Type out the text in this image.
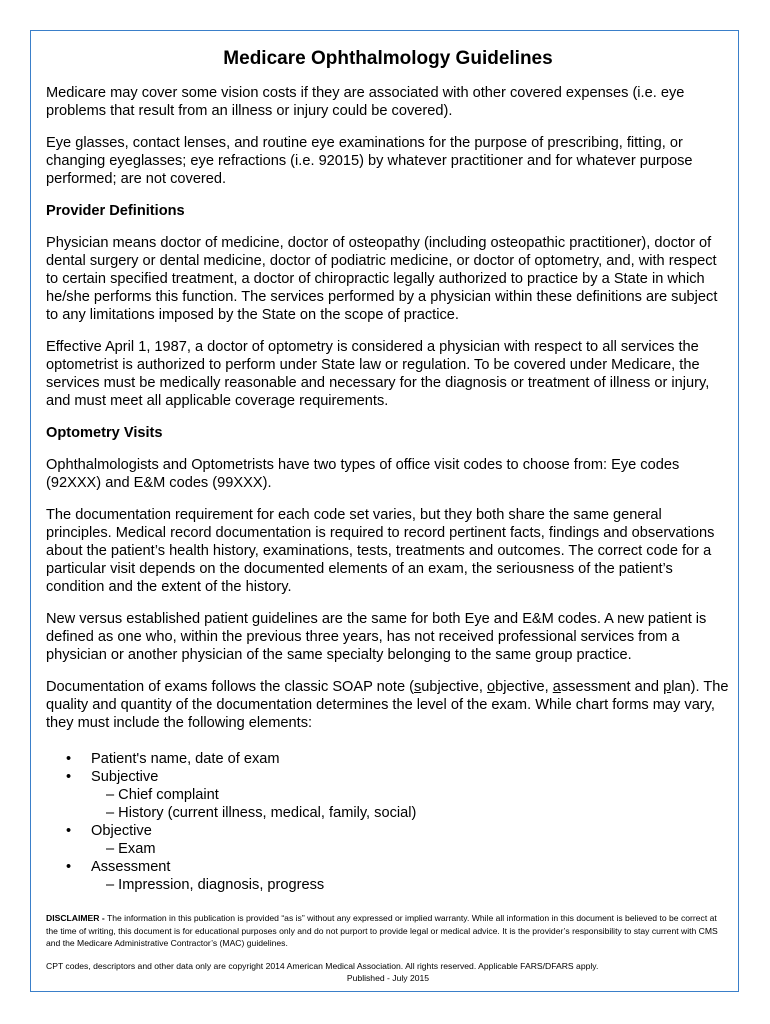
Medicare Ophthalmology Guidelines

Medicare may cover some vision costs if they are associated with other covered expenses (i.e. eye problems that result from an illness or injury could be covered).

Eye glasses, contact lenses, and routine eye examinations for the purpose of prescribing, fitting, or changing eyeglasses; eye refractions (i.e. 92015) by whatever practitioner and for whatever purpose performed; are not covered.

Provider Definitions

Physician means doctor of medicine, doctor of osteopathy (including osteopathic practitioner), doctor of dental surgery or dental medicine, doctor of podiatric medicine, or doctor of optometry, and, with respect to certain specified treatment, a doctor of chiropractic legally authorized to practice by a State in which he/she performs this function. The services performed by a physician within these definitions are subject to any limitations imposed by the State on the scope of practice.

Effective April 1, 1987, a doctor of optometry is considered a physician with respect to all services the optometrist is authorized to perform under State law or regulation. To be covered under Medicare, the services must be medically reasonable and necessary for the diagnosis or treatment of illness or injury, and must meet all applicable coverage requirements.

Optometry Visits

Ophthalmologists and Optometrists have two types of office visit codes to choose from: Eye codes (92XXX) and E&M codes (99XXX).

The documentation requirement for each code set varies, but they both share the same general principles. Medical record documentation is required to record pertinent facts, findings and observations about the patient’s health history, examinations, tests, treatments and outcomes. The correct code for a particular visit depends on the documented elements of an exam, the seriousness of the patient’s condition and the extent of the history.

New versus established patient guidelines are the same for both Eye and E&M codes. A new patient is defined as one who, within the previous three years, has not received professional services from a physician or another physician of the same specialty belonging to the same group practice.

Documentation of exams follows the classic SOAP note (subjective, objective, assessment and plan). The quality and quantity of the documentation determines the level of the exam. While chart forms may vary, they must include the following elements:

• Patient's name, date of exam
• Subjective
– Chief complaint
– History (current illness, medical, family, social)
• Objective
– Exam
• Assessment
– Impression, diagnosis, progress

DISCLAIMER - The information in this publication is provided “as is” without any expressed or implied warranty. While all information in this document is believed to be correct at the time of writing, this document is for educational purposes only and do not purport to provide legal or medical advice. It is the provider’s responsibility to stay current with CMS and the Medicare Administrative Contractor’s (MAC) guidelines.

CPT codes, descriptors and other data only are copyright 2014 American Medical Association. All rights reserved. Applicable FARS/DFARS apply.

Published - July 2015
